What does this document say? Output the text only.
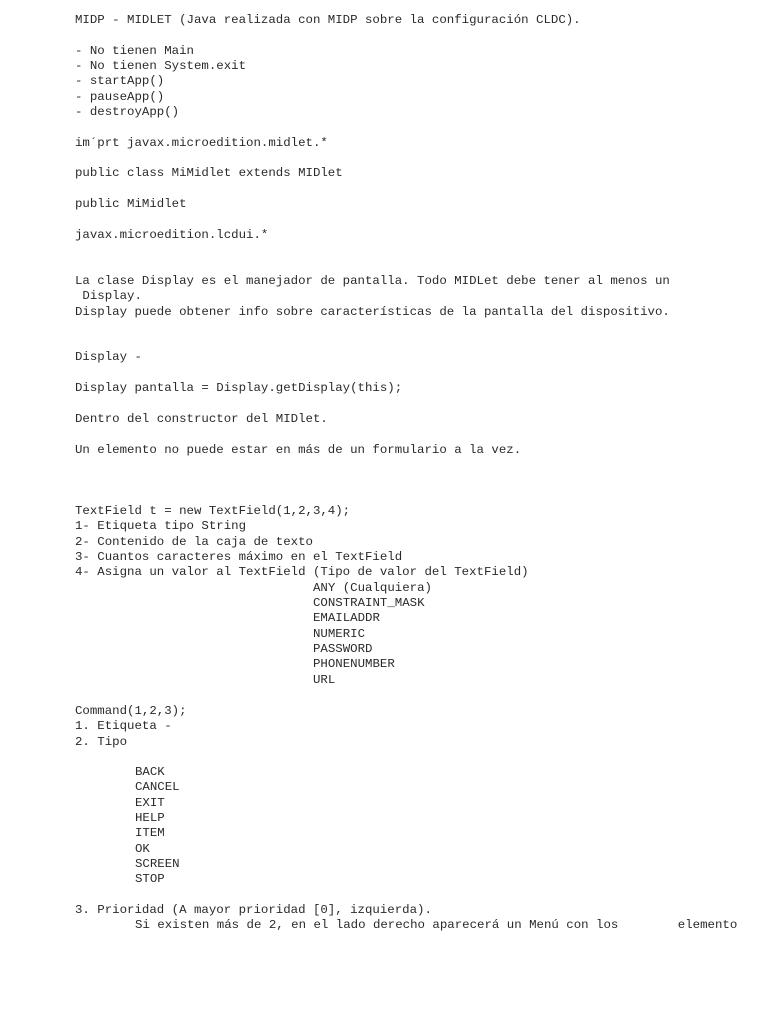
MIDP - MIDLET (Java realizada con MIDP sobre la configuración CLDC).

- No tienen Main

- No tienen System.exit

- startApp()

- pauseApp()

- destroyApp()

im´prt javax.microedition.midlet.*

public class MiMidlet extends MIDlet

public MiMidlet

javax.microedition.lcdui.*

La clase Display es el manejador de pantalla. Todo MIDLet debe tener al menos un

Display.

Display puede obtener info sobre características de la pantalla del dispositivo.

Display -

Display pantalla = Display.getDisplay(this);

Dentro del constructor del MIDlet.

Un elemento no puede estar en más de un formulario a la vez.

TextField t = new TextField(1,2,3,4);

1- Etiqueta tipo String

2- Contenido de la caja de texto

3- Cuantos caracteres máximo en el TextField

4- Asigna un valor al TextField (Tipo de valor del TextField)

ANY (Cualquiera)

CONSTRAINT_MASK

EMAILADDR

NUMERIC

PASSWORD

PHONENUMBER

URL

Command(1,2,3);

1. Etiqueta -

2. Tipo

BACK

CANCEL

EXIT

HELP

ITEM

OK

SCREEN

STOP

3. Prioridad (A mayor prioridad [0], izquierda).

Si existen más de 2, en el lado derecho aparecerá un Menú con los        elemento
